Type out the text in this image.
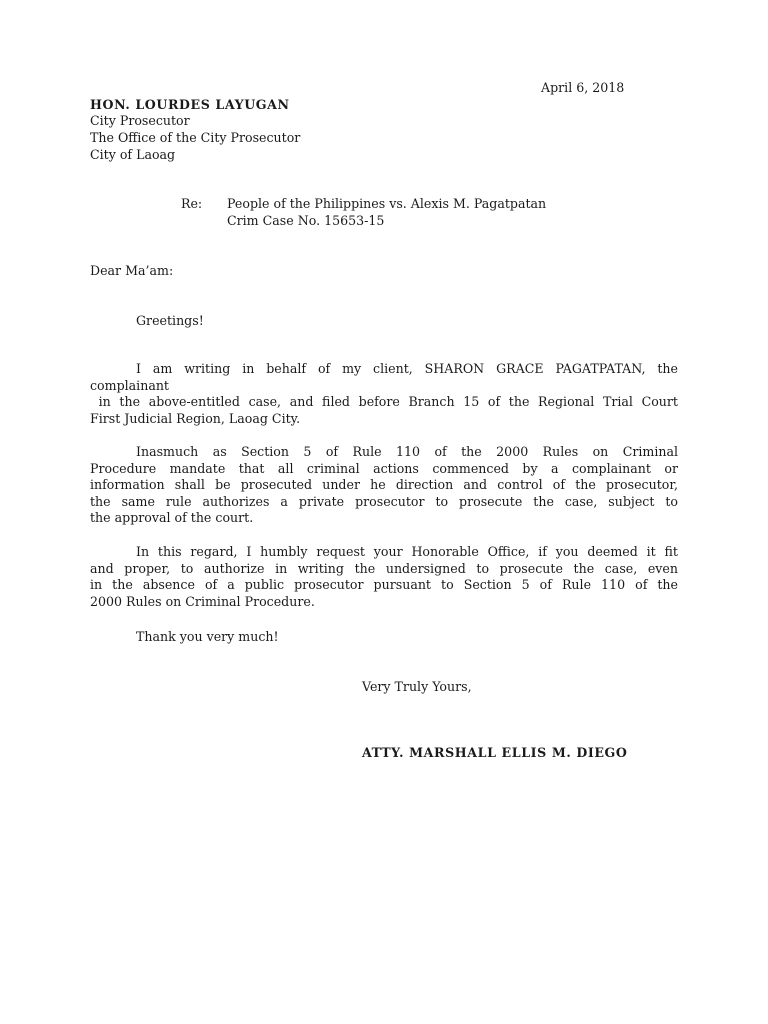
April 6, 2018
HON. LOURDES LAYUGAN
City Prosecutor
The Office of the City Prosecutor
City of Laoag
Re: People of the Philippines vs. Alexis M. Pagatpatan
Crim Case No. 15653-15
Dear Ma’am:
Greetings!
I am writing in behalf of my client, SHARON GRACE PAGATPATAN, the
complainant
in the above-entitled case, and filed before Branch 15 of the Regional Trial Court
First Judicial Region, Laoag City.
Inasmuch as Section 5 of Rule 110 of the 2000 Rules on Criminal
Procedure mandate that all criminal actions commenced by a complainant or
information shall be prosecuted under he direction and control of the prosecutor,
the same rule authorizes a private prosecutor to prosecute the case, subject to
the approval of the court.
In this regard, I humbly request your Honorable Office, if you deemed it fit
and proper, to authorize in writing the undersigned to prosecute the case, even
in the absence of a public prosecutor pursuant to Section 5 of Rule 110 of the
2000 Rules on Criminal Procedure.
Thank you very much!
Very Truly Yours,
ATTY. MARSHALL ELLIS M. DIEGO
